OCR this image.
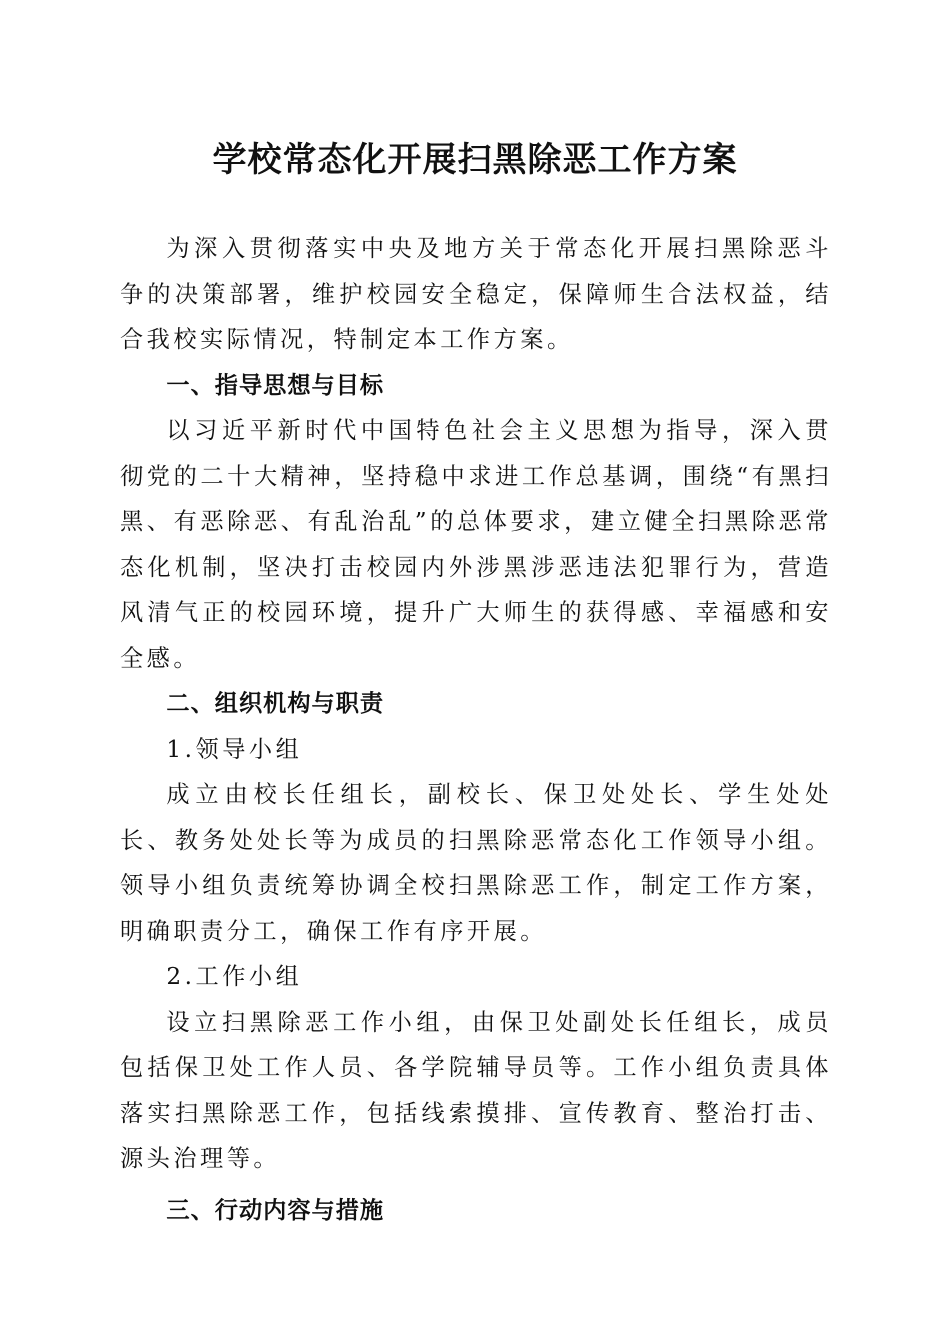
学校常态化开展扫黑除恶工作方案

为深入贯彻落实中央及地方关于常态化开展扫黑除恶斗争的决策部署，维护校园安全稳定，保障师生合法权益，结合我校实际情况，特制定本工作方案。

一、指导思想与目标

以习近平新时代中国特色社会主义思想为指导，深入贯彻党的二十大精神，坚持稳中求进工作总基调，围绕“有黑扫黑、有恶除恶、有乱治乱”的总体要求，建立健全扫黑除恶常态化机制，坚决打击校园内外涉黑涉恶违法犯罪行为，营造风清气正的校园环境，提升广大师生的获得感、幸福感和安全感。

二、组织机构与职责

1.领导小组

成立由校长任组长，副校长、保卫处处长、学生处处长、教务处处长等为成员的扫黑除恶常态化工作领导小组。领导小组负责统筹协调全校扫黑除恶工作，制定工作方案，明确职责分工，确保工作有序开展。

2.工作小组

设立扫黑除恶工作小组，由保卫处副处长任组长，成员包括保卫处工作人员、各学院辅导员等。工作小组负责具体落实扫黑除恶工作，包括线索摸排、宣传教育、整治打击、源头治理等。

三、行动内容与措施
